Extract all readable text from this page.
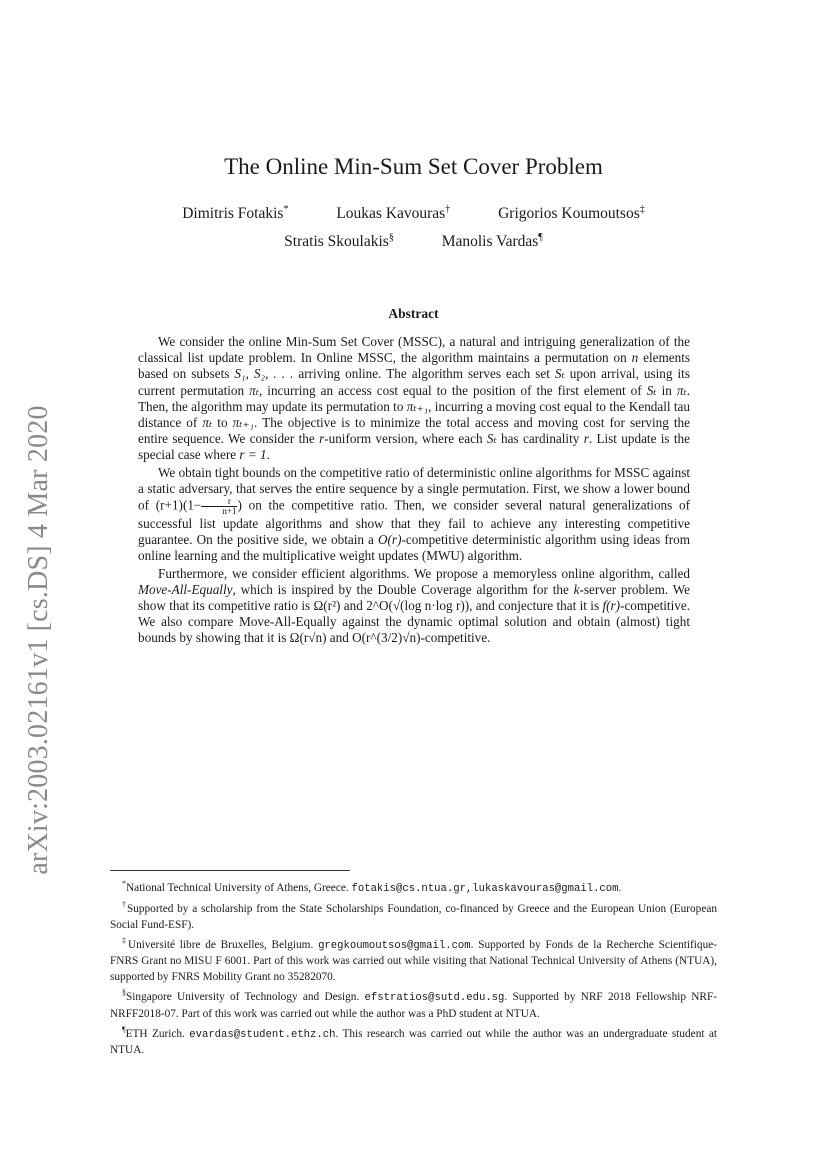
arXiv:2003.02161v1 [cs.DS] 4 Mar 2020
The Online Min-Sum Set Cover Problem
Dimitris Fotakis*	Loukas Kavouras†	Grigorios Koumoutsos‡
Stratis Skoulakis§	Manolis Vardas¶
Abstract

We consider the online Min-Sum Set Cover (MSSC), a natural and intriguing generalization of the classical list update problem. In Online MSSC, the algorithm maintains a permutation on n elements based on subsets S₁, S₂, . . . arriving online. The algorithm serves each set Sₜ upon arrival, using its current permutation πₜ, incurring an access cost equal to the position of the first element of Sₜ in πₜ. Then, the algorithm may update its permutation to πₜ₊₁, incurring a moving cost equal to the Kendall tau distance of πₜ to πₜ₊₁. The objective is to minimize the total access and moving cost for serving the entire sequence. We consider the r-uniform version, where each Sₜ has cardinality r. List update is the special case where r = 1.

We obtain tight bounds on the competitive ratio of deterministic online algorithms for MSSC against a static adversary, that serves the entire sequence by a single permutation. First, we show a lower bound of $(r+1)(1- \frac{r}{n+1}$ ) on the competitive ratio. Then, we consider several natural generalizations of successful list update algorithms and show that they fail to achieve any interesting competitive guarantee. On the positive side, we obtain a O(r)-competitive deterministic algorithm using ideas from online learning and the multiplicative weight updates (MWU) algorithm.

Furthermore, we consider efficient algorithms. We propose a memoryless online algorithm, called Move-All-Equally, which is inspired by the Double Coverage algorithm for the k-server problem. We show that its competitive ratio is Ω(r²) and 2^O(√(log n·log r)), and conjecture that it is f(r)-competitive. We also compare Move-All-Equally against the dynamic optimal solution and obtain (almost) tight bounds by showing that it is Ω(r√n) and O(r^(3/2)√n)-competitive.

*National Technical University of Athens, Greece. fotakis@cs.ntua.gr,lukaskavouras@gmail.com.

†Supported by a scholarship from the State Scholarships Foundation, co-financed by Greece and the European Union (European Social Fund-ESF).

‡Université libre de Bruxelles, Belgium. gregkoumoutsos@gmail.com. Supported by Fonds de la Recherche Scientifique-FNRS Grant no MISU F 6001. Part of this work was carried out while visiting that National Technical University of Athens (NTUA), supported by FNRS Mobility Grant no 35282070.

§Singapore University of Technology and Design. efstratios@sutd.edu.sg. Supported by NRF 2018 Fellowship NRF-NRFF2018-07. Part of this work was carried out while the author was a PhD student at NTUA.

¶ETH Zurich. evardas@student.ethz.ch. This research was carried out while the author was an undergraduate student at NTUA.
